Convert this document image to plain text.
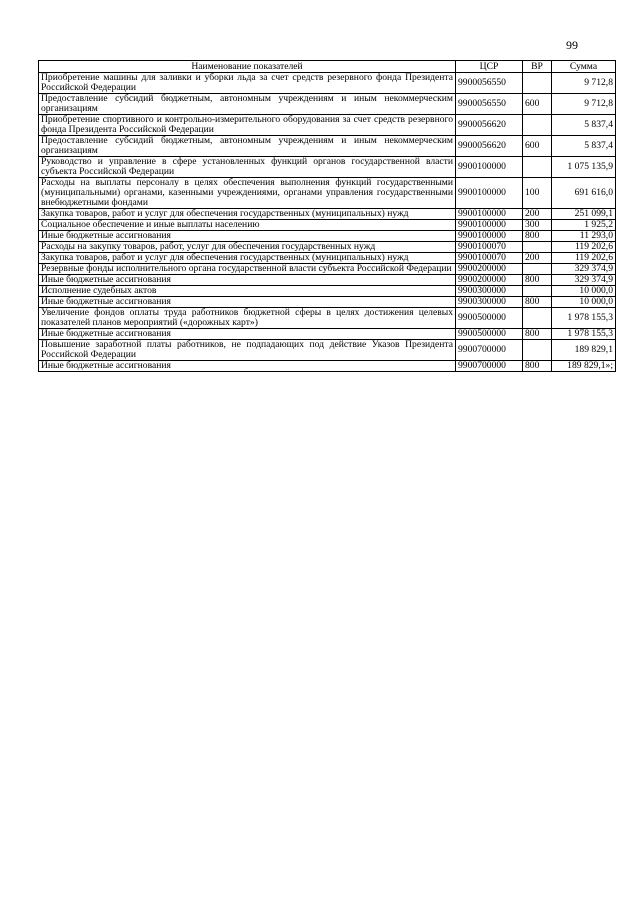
99
Наименование показателей	ЦСР	ВР	Сумма
Приобретение машины для заливки и уборки льда за счет средств резервного фонда Президента Российской Федерации	9900056550		9 712,8
Предоставление субсидий бюджетным, автономным учреждениям и иным некоммерческим организациям	9900056550	600	9 712,8
Приобретение спортивного и контрольно-измерительного оборудования за счет средств резервного фонда Президента Российской Федерации	9900056620		5 837,4
Предоставление субсидий бюджетным, автономным учреждениям и иным некоммерческим организациям	9900056620	600	5 837,4
Руководство и управление в сфере установленных функций органов государственной власти субъекта Российской Федерации	9900100000		1 075 135,9
Расходы на выплаты персоналу в целях обеспечения выполнения функций государственными (муниципальными) органами, казенными учреждениями, органами управления государственными внебюджетными фондами	9900100000	100	691 616,0
Закупка товаров, работ и услуг для обеспечения государственных (муниципальных) нужд	9900100000	200	251 099,1
Социальное обеспечение и иные выплаты населению	9900100000	300	1 925,2
Иные бюджетные ассигнования	9900100000	800	11 293,0
Расходы на закупку товаров, работ, услуг для обеспечения государственных нужд	9900100070		119 202,6
Закупка товаров, работ и услуг для обеспечения государственных (муниципальных) нужд	9900100070	200	119 202,6
Резервные фонды исполнительного органа государственной власти субъекта Российской Федерации	9900200000		329 374,9
Иные бюджетные ассигнования	9900200000	800	329 374,9
Исполнение судебных актов	9900300000		10 000,0
Иные бюджетные ассигнования	9900300000	800	10 000,0
Увеличение фондов оплаты труда работников бюджетной сферы в целях достижения целевых показателей планов мероприятий («дорожных карт»)	9900500000		1 978 155,3
Иные бюджетные ассигнования	9900500000	800	1 978 155,3
Повышение заработной платы работников, не подпадающих под действие Указов Президента Российской Федерации	9900700000		189 829,1
Иные бюджетные ассигнования	9900700000	800	189 829,1»;
